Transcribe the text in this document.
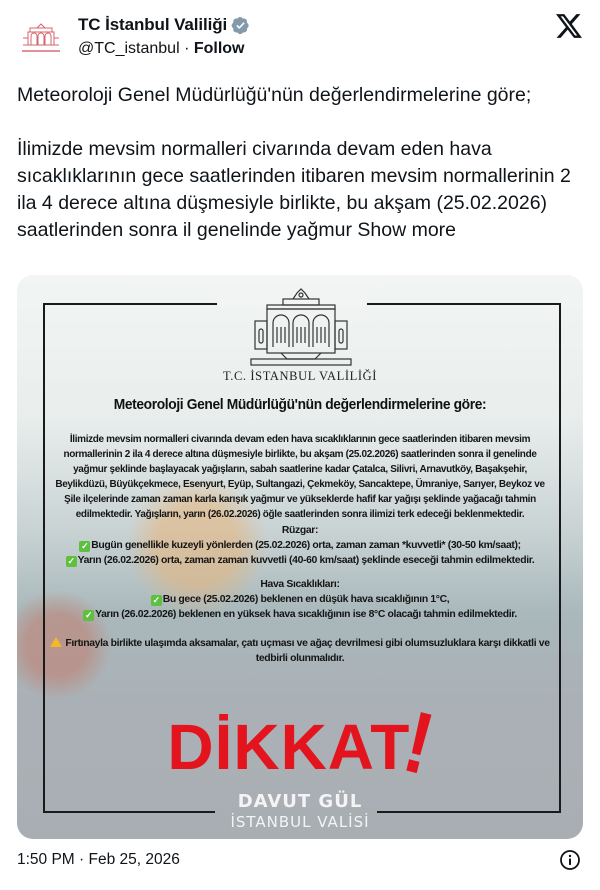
TC İstanbul Valiliği
@TC_istanbul · Follow

Meteoroloji Genel Müdürlüğü'nün değerlendirmelerine göre;

İlimizde mevsim normalleri civarında devam eden hava sıcaklıklarının gece saatlerinden itibaren mevsim normallerinin 2 ila 4 derece altına düşmesiyle birlikte, bu akşam (25.02.2026) saatlerinden sonra il genelinde yağmur Show more

T.C. İSTANBUL VALİLİĞİ
Meteoroloji Genel Müdürlüğü'nün değerlendirmelerine göre:
İlimizde mevsim normalleri civarında devam eden hava sıcaklıklarının gece saatlerinden itibaren mevsim normallerinin 2 ila 4 derece altına düşmesiyle birlikte, bu akşam (25.02.2026) saatlerinden sonra il genelinde yağmur şeklinde başlayacak yağışların, sabah saatlerine kadar Çatalca, Silivri, Arnavutköy, Başakşehir, Beylikdüzü, Büyükçekmece, Esenyurt, Eyüp, Sultangazi, Çekmeköy, Sancaktepe, Ümraniye, Sarıyer, Beykoz ve Şile ilçelerinde zaman zaman karla karışık yağmur ve yükseklerde hafif kar yağışı şeklinde yağacağı tahmin edilmektedir. Yağışların, yarın (26.02.2026) öğle saatlerinden sonra ilimizi terk edeceği beklenmektedir.
Rüzgar:
✓ Bugün genellikle kuzeyli yönlerden (25.02.2026) orta, zaman zaman *kuvvetli* (30-50 km/saat);
✓ Yarın (26.02.2026) orta, zaman zaman kuvvetli (40-60 km/saat) şeklinde eseceği tahmin edilmektedir.
Hava Sıcaklıkları:
✓ Bu gece (25.02.2026) beklenen en düşük hava sıcaklığının 1°C,
✓ Yarın (26.02.2026) beklenen en yüksek hava sıcaklığının ise 8°C olacağı tahmin edilmektedir.
Fırtınayla birlikte ulaşımda aksamalar, çatı uçması ve ağaç devrilmesi gibi olumsuzluklara karşı dikkatli ve tedbirli olunmalıdır.
DİKKAT!
DAVUT GÜL
İSTANBUL VALİSİ
1:50 PM · Feb 25, 2026
